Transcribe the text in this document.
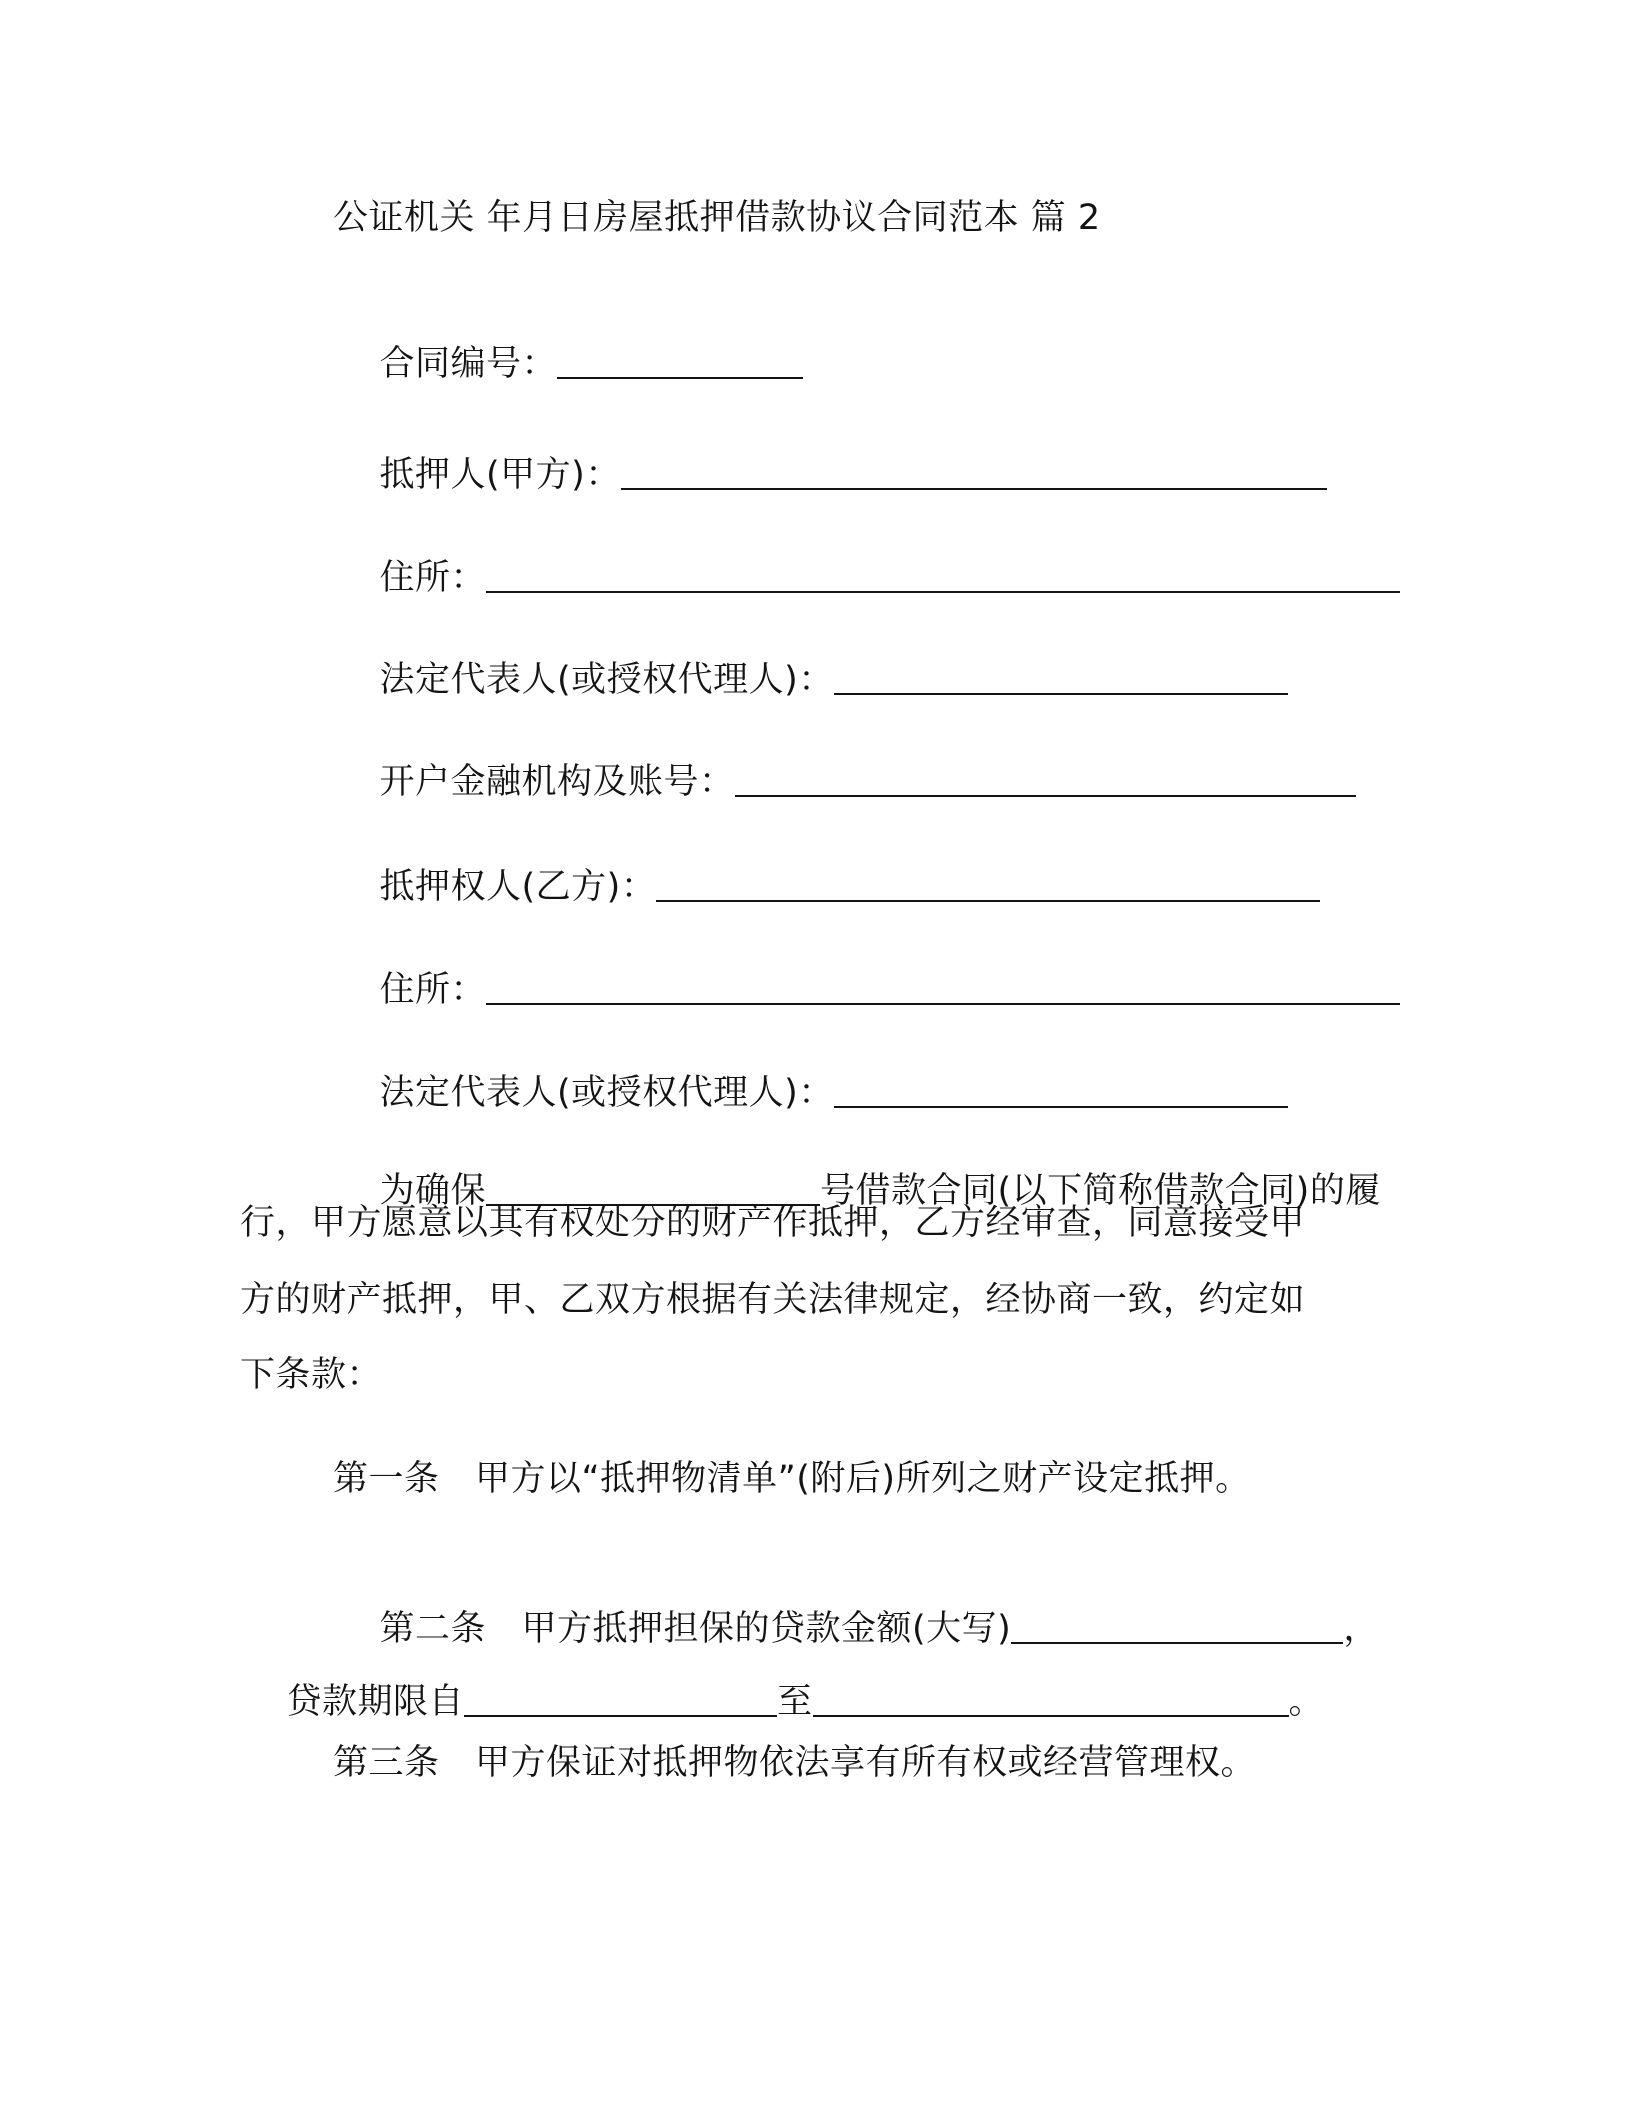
公证机关 年月日房屋抵押借款协议合同范本 篇 2

合同编号：

抵押人(甲方)：

住所：

法定代表人(或授权代理人)：

开户金融机构及账号：

抵押权人(乙方)：

住所：

法定代表人(或授权代理人)：

为确保	号借款合同(以下简称借款合同)的履

行，甲方愿意以其有权处分的财产作抵押，乙方经审查，同意接受甲
方的财产抵押，甲、乙双方根据有关法律规定，经协商一致，约定如
下条款：
第一条　甲方以“抵押物清单”(附后)所列之财产设定抵押。

第二条　甲方抵押担保的贷款金额(大写)	，

贷款期限自	至	。

第三条　甲方保证对抵押物依法享有所有权或经营管理权。
